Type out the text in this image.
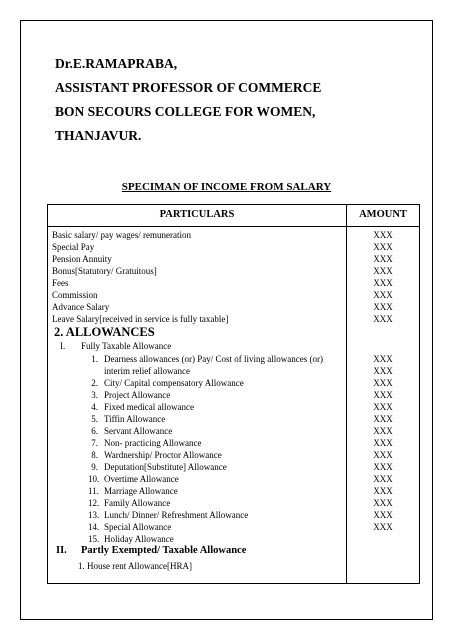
Dr.E.RAMAPRABA,
ASSISTANT PROFESSOR OF COMMERCE
BON SECOURS COLLEGE FOR WOMEN,
THANJAVUR.
SPECIMAN OF INCOME FROM SALARY
PARTICULARS	AMOUNT
Basic salary/ pay wages/ remuneration	XXX
Special Pay	XXX
Pension Annuity	XXX
Bonus[Statutory/ Gratuitous]	XXX
Fees	XXX
Commission	XXX
Advance Salary	XXX
Leave Salary[received in service is fully taxable]	XXX
2. ALLOWANCES
I. Fully Taxable Allowance
1. Dearness allowances (or) Pay/ Cost of living allowances (or)	XXX
interim relief allowance	XXX
2. City/ Capital compensatory Allowance	XXX
3. Project Allowance	XXX
4. Fixed medical allowance	XXX
5. Tiffin Allowance	XXX
6. Servant Allowance	XXX
7. Non- practicing Allowance	XXX
8. Wardnership/ Proctor Allowance	XXX
9. Deputation[Substitute] Allowance	XXX
10. Overtime Allowance	XXX
11. Marriage Allowance	XXX
12. Family Allowance	XXX
13. Lunch/ Dinner/ Refreshment Allowance	XXX
14. Special Allowance	XXX
15. Holiday Allowance
II. Partly Exempted/ Taxable Allowance
1. House rent Allowance[HRA]
